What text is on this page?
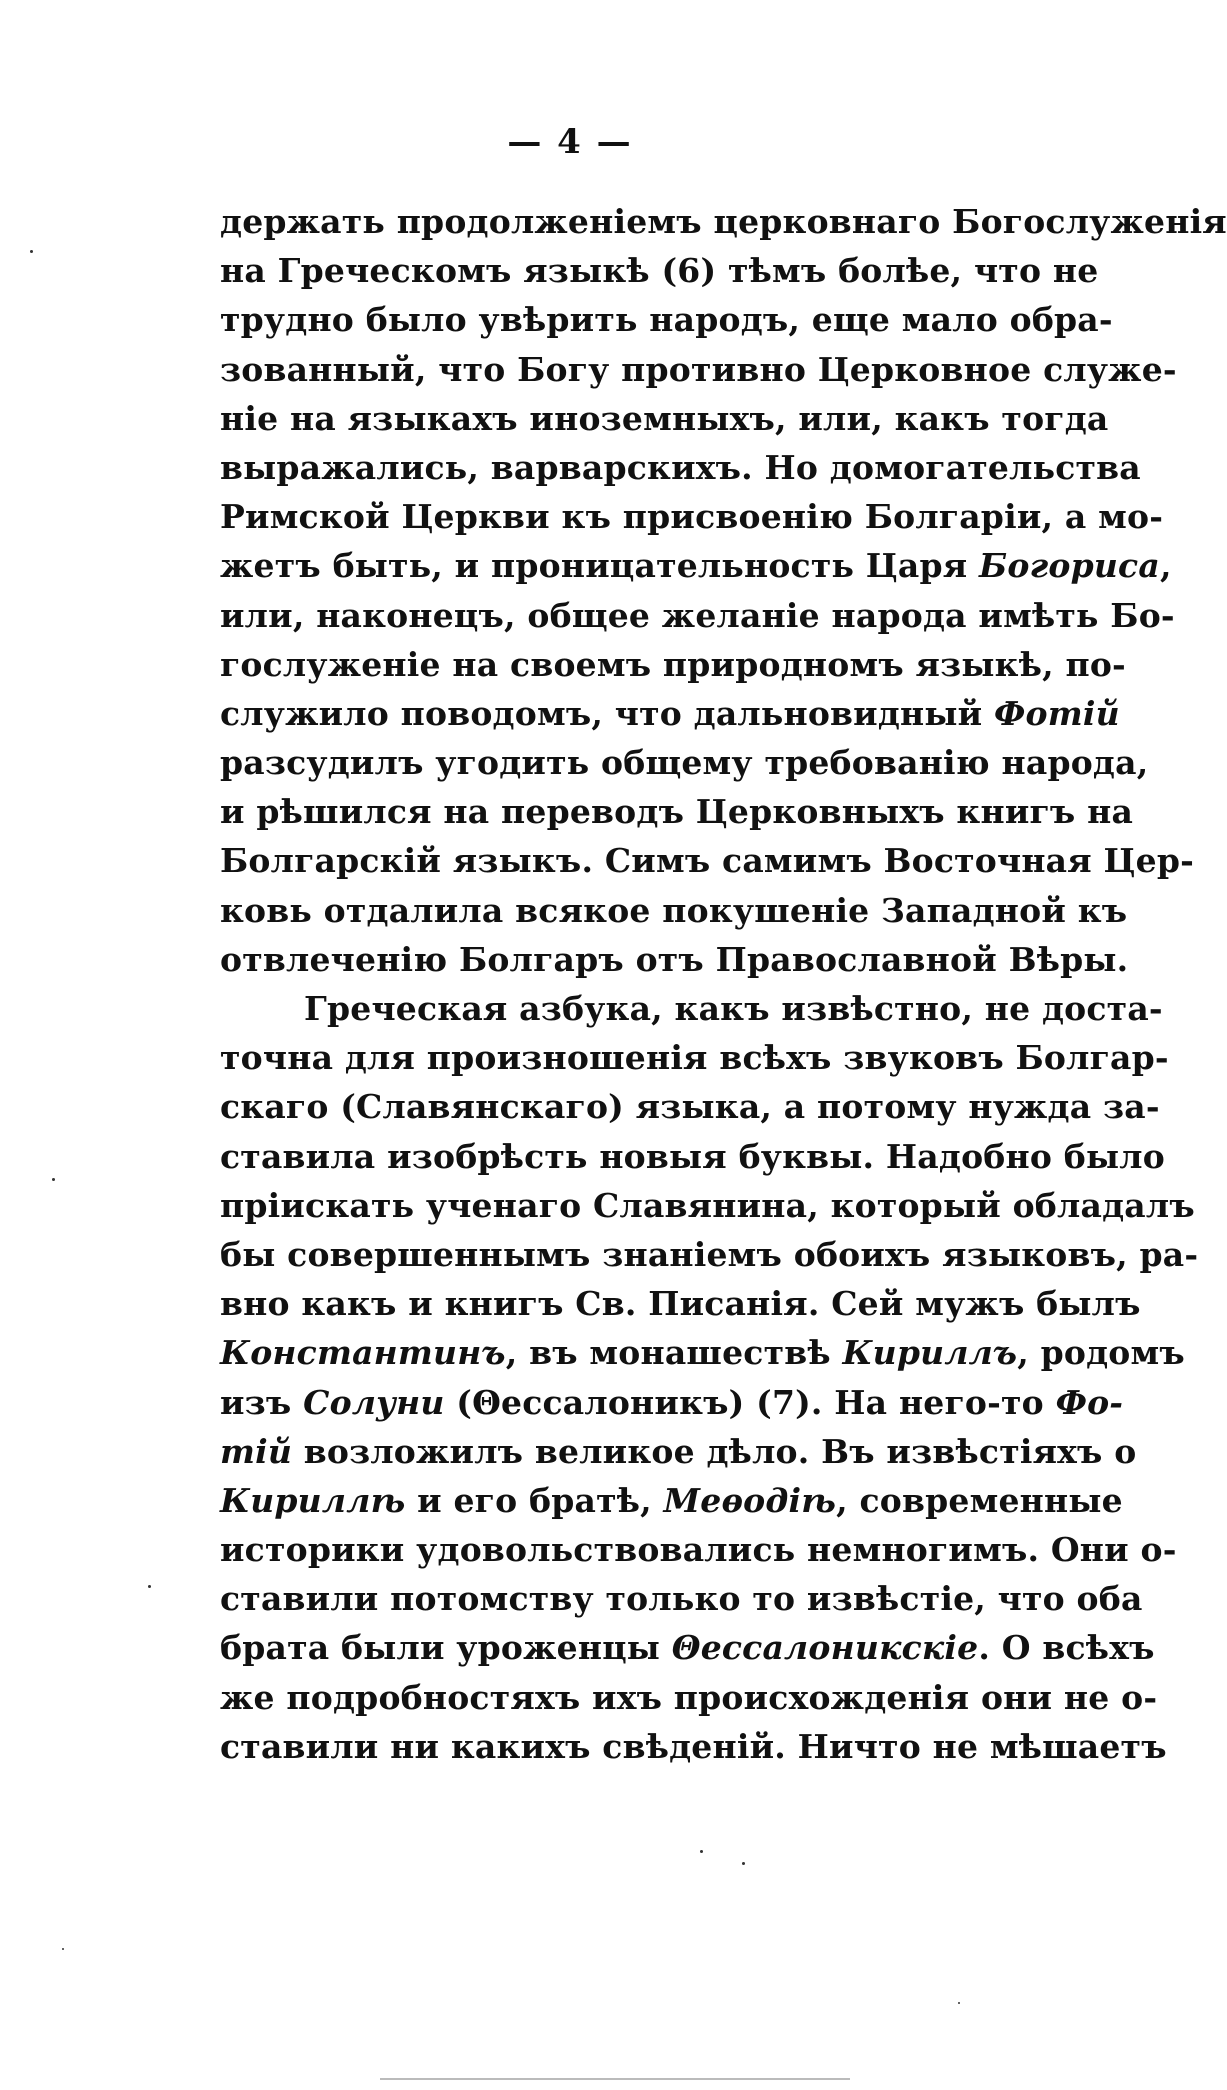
— 4 —
держать продолженіемъ церковнаго Богослуженія
на Греческомъ языкѣ (6) тѣмъ болѣе, что не
трудно было увѣрить народъ, еще мало обра-
зованный, что Богу противно Церковное служе-
ніе на языкахъ иноземныхъ, или, какъ тогда
выражались, варварскихъ. Но домогательства
Римской Церкви къ присвоенію Болгаріи, а мо-
жетъ быть, и проницательность Царя Богориса,
или, наконецъ, общее желаніе народа имѣть Бо-
гослуженіе на своемъ природномъ языкѣ, по-
служило поводомъ, что дальновидный Фотій
разсудилъ угодить общему требованію народа,
и рѣшился на переводъ Церковныхъ книгъ на
Болгарскій языкъ. Симъ самимъ Восточная Цер-
ковь отдалила всякое покушеніе Западной къ
отвлеченію Болгаръ отъ Православной Вѣры.
Греческая азбука, какъ извѣстно, не доста-
точна для произношенія всѣхъ звуковъ Болгар-
скаго (Славянскаго) языка, а потому нужда за-
ставила изобрѣсть новыя буквы. Надобно было
пріискать ученаго Славянина, который обладалъ
бы совершеннымъ знаніемъ обоихъ языковъ, ра-
вно какъ и книгъ Св. Писанія. Сей мужъ былъ
Константинъ, въ монашествѣ Кириллъ, родомъ
изъ Солуни (Θессалоникъ) (7). На него-то Фо-
тій возложилъ великое дѣло. Въ извѣстіяхъ о
Кириллѣ и его братѣ, Меѳодіѣ, современные
историки удовольствовались немногимъ. Они о-
ставили потомству только то извѣстіе, что оба
брата были уроженцы Θессалоникскіе. О всѣхъ
же подробностяхъ ихъ происхожденія они не о-
ставили ни какихъ свѣденій. Ничто не мѣшаетъ
